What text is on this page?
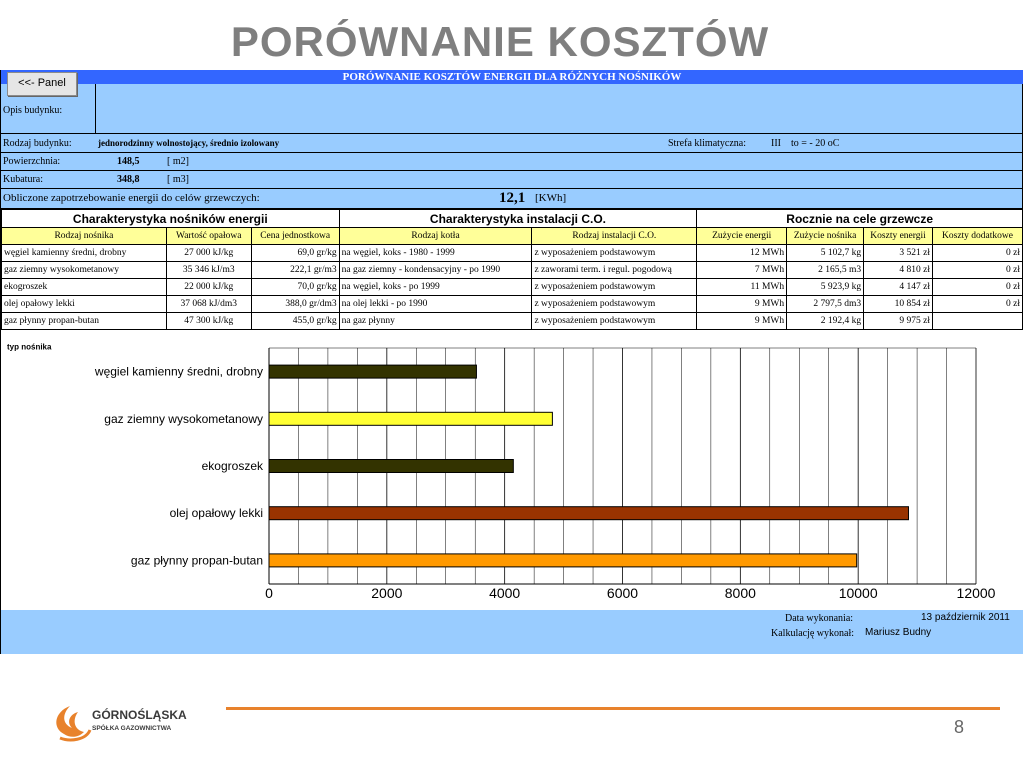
PORÓWNANIE KOSZTÓW
<<- Panel	PORÓWNANIE KOSZTÓW ENERGII DLA RÓŻNYCH NOŚNIKÓW
Opis budynku:
Rodzaj budynku:	jednorodzinny wolnostojący, średnio izolowany	Strefa klimatyczna: III to = - 20 oC
Powierzchnia:	148,5	[ m2]
Kubatura:	348,8	[ m3]
Obliczone zapotrzebowanie energii do celów grzewczych:	12,1 [KWh]
Charakterystyka nośników energii			Charakterystyka instalacji C.O.		Rocznie na cele grzewcze			
Rodzaj nośnika	Wartość opałowa	Cena jednostkowa	Rodzaj kotła	Rodzaj instalacji C.O.	Zużycie energii	Zużycie nośnika	Koszty energii	Koszty dodatkowe
węgiel kamienny średni, drobny	27 000 kJ/kg	69,0 gr/kg	na węgiel, koks - 1980 - 1999	z wyposażeniem podstawowym	12 MWh	5 102,7 kg	3 521 zł	0 zł
gaz ziemny wysokometanowy	35 346 kJ/m3	222,1 gr/m3	na gaz ziemny - kondensacyjny - po 1990	z zaworami term. i regul. pogodową	7 MWh	2 165,5 m3	4 810 zł	0 zł
ekogroszek	22 000 kJ/kg	70,0 gr/kg	na węgiel, koks - po 1999	z wyposażeniem podstawowym	11 MWh	5 923,9 kg	4 147 zł	0 zł
olej opałowy lekki	37 068 kJ/dm3	388,0 gr/dm3	na olej lekki - po 1990	z wyposażeniem podstawowym	9 MWh	2 797,5 dm3	10 854 zł	0 zł
gaz płynny propan-butan	47 300 kJ/kg	455,0 gr/kg	na gaz płynny	z wyposażeniem podstawowym	9 MWh	2 192,4 kg	9 975 zł	
typ nośnika
węgiel kamienny średni, drobny
gaz ziemny wysokometanowy
ekogroszek
olej opałowy lekki
gaz płynny propan-butan
0	2000	4000	6000	8000	10000	12000
Data wykonania:	13 październik 2011
Kalkulację wykonał: Mariusz Budny
GÓRNOŚLĄSKA
SPÓŁKA GAZOWNICTWA	8
